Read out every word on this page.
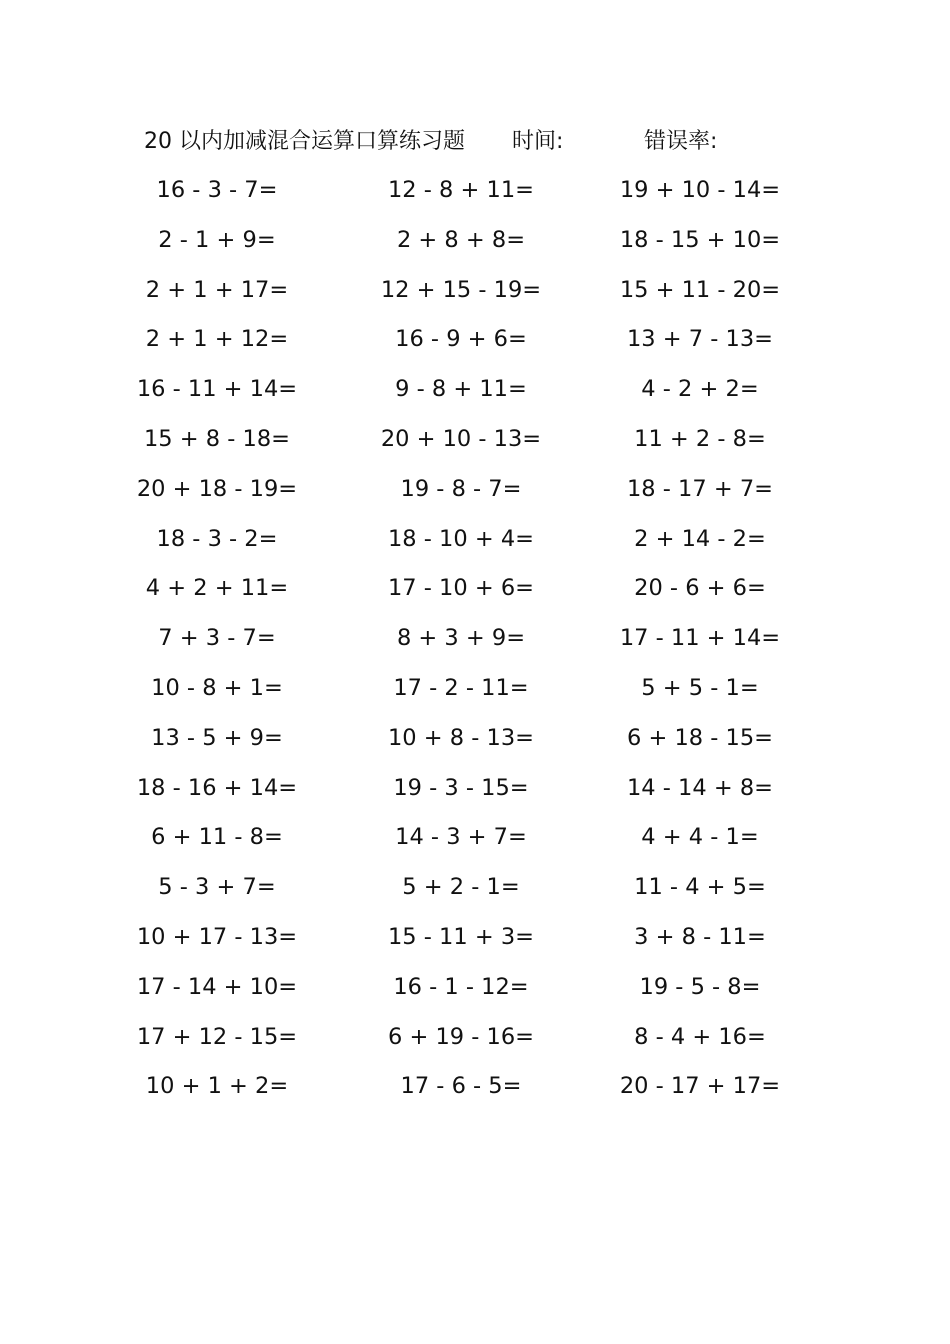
20 以内加减混合运算口算练习题 时间:	错误率:
16 - 3 - 7=	12 - 8 + 11=	19 + 10 - 14=
2 - 1 + 9=	2 + 8 + 8=	18 - 15 + 10=
2 + 1 + 17=	12 + 15 - 19=	15 + 11 - 20=
2 + 1 + 12=	16 - 9 + 6=	13 + 7 - 13=
16 - 11 + 14=	9 - 8 + 11=	4 - 2 + 2=
15 + 8 - 18=	20 + 10 - 13=	11 + 2 - 8=
20 + 18 - 19=	19 - 8 - 7=	18 - 17 + 7=
18 - 3 - 2=	18 - 10 + 4=	2 + 14 - 2=
4 + 2 + 11=	17 - 10 + 6=	20 - 6 + 6=
7 + 3 - 7=	8 + 3 + 9=	17 - 11 + 14=
10 - 8 + 1=	17 - 2 - 11=	5 + 5 - 1=
13 - 5 + 9=	10 + 8 - 13=	6 + 18 - 15=
18 - 16 + 14=	19 - 3 - 15=	14 - 14 + 8=
6 + 11 - 8=	14 - 3 + 7=	4 + 4 - 1=
5 - 3 + 7=	5 + 2 - 1=	11 - 4 + 5=
10 + 17 - 13=	15 - 11 + 3=	3 + 8 - 11=
17 - 14 + 10=	16 - 1 - 12=	19 - 5 - 8=
17 + 12 - 15=	6 + 19 - 16=	8 - 4 + 16=
10 + 1 + 2=	17 - 6 - 5=	20 - 17 + 17=
